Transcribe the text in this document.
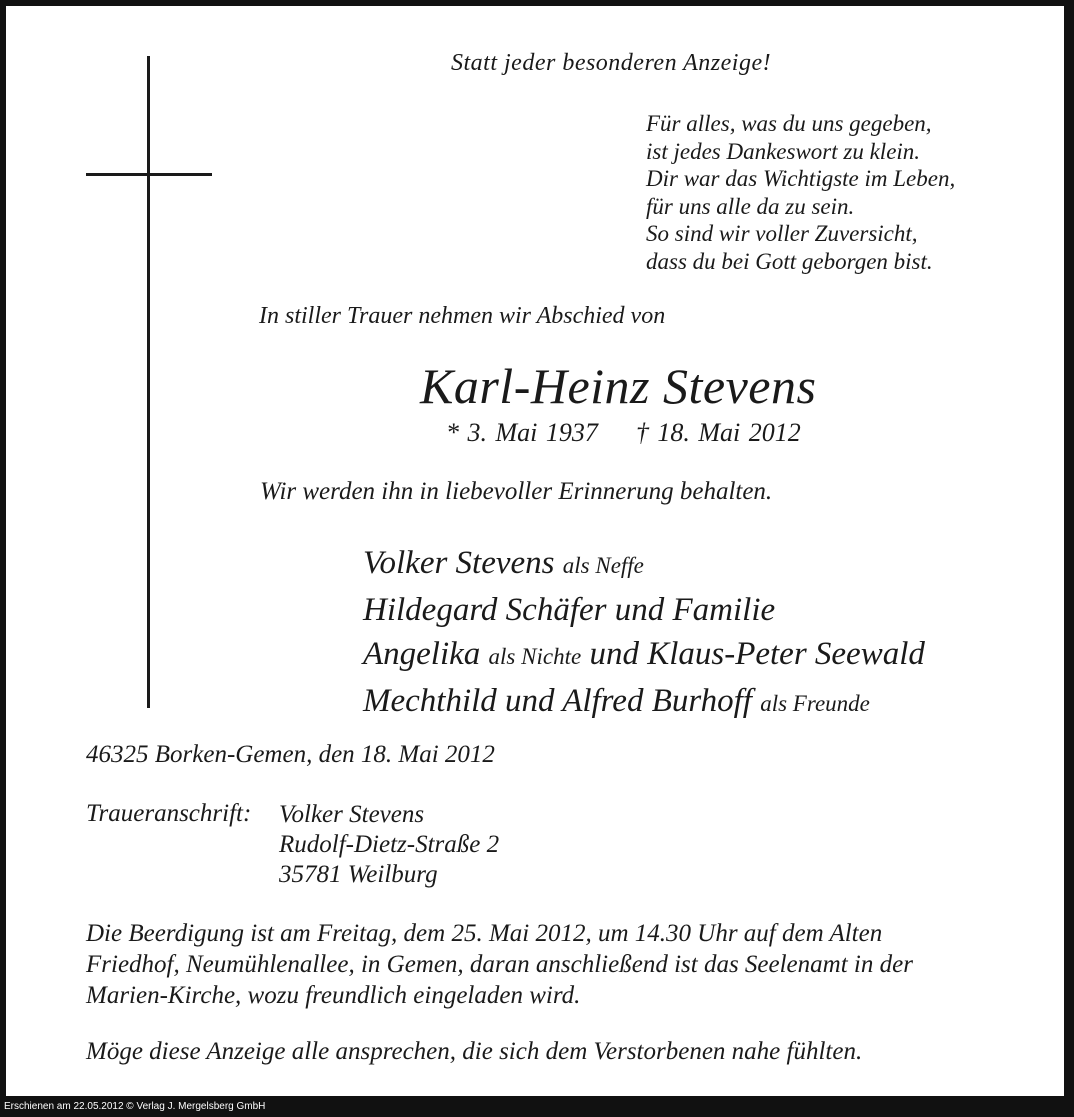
Statt jeder besonderen Anzeige!
Für alles, was du uns gegeben,
ist jedes Dankeswort zu klein.
Dir war das Wichtigste im Leben,
für uns alle da zu sein.
So sind wir voller Zuversicht,
dass du bei Gott geborgen bist.
In stiller Trauer nehmen wir Abschied von
Karl-Heinz Stevens
* 3. Mai 1937 † 18. Mai 2012
Wir werden ihn in liebevoller Erinnerung behalten.
Volker Stevens als Neffe
Hildegard Schäfer und Familie
Angelika als Nichte und Klaus-Peter Seewald
Mechthild und Alfred Burhoff als Freunde
46325 Borken-Gemen, den 18. Mai 2012
Traueranschrift: Volker Stevens
Rudolf-Dietz-Straße 2
35781 Weilburg
Die Beerdigung ist am Freitag, dem 25. Mai 2012, um 14.30 Uhr auf dem Alten
Friedhof, Neumühlenallee, in Gemen, daran anschließend ist das Seelenamt in der
Marien-Kirche, wozu freundlich eingeladen wird.
Möge diese Anzeige alle ansprechen, die sich dem Verstorbenen nahe fühlten.
Erschienen am 22.05.2012 © Verlag J. Mergelsberg GmbH
